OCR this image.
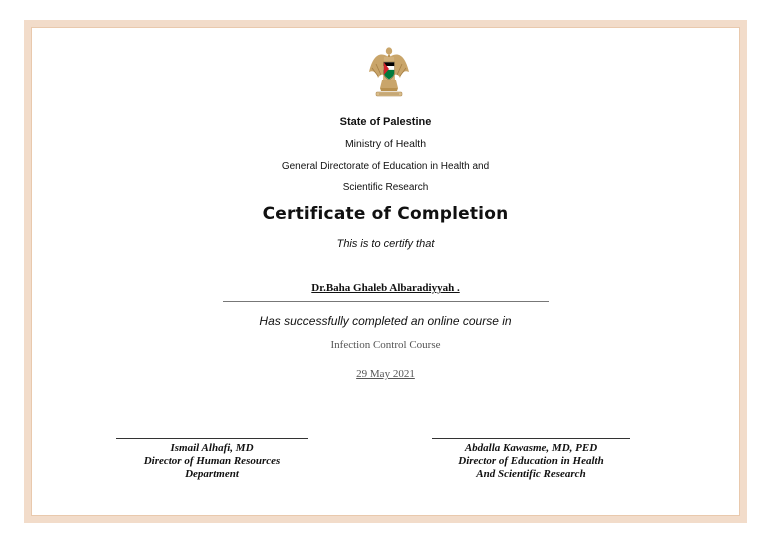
State of Palestine
Ministry of Health
General Directorate of Education in Health and
Scientific Research
Certificate of Completion
This is to certify that
Dr.Baha Ghaleb Albaradiyyah .
Has successfully completed an online course in
Infection Control Course
29 May 2021
Ismail Alhafi, MD
Director of Human Resources
Department
Abdalla Kawasme, MD, PED
Director of Education in Health
And Scientific Research
